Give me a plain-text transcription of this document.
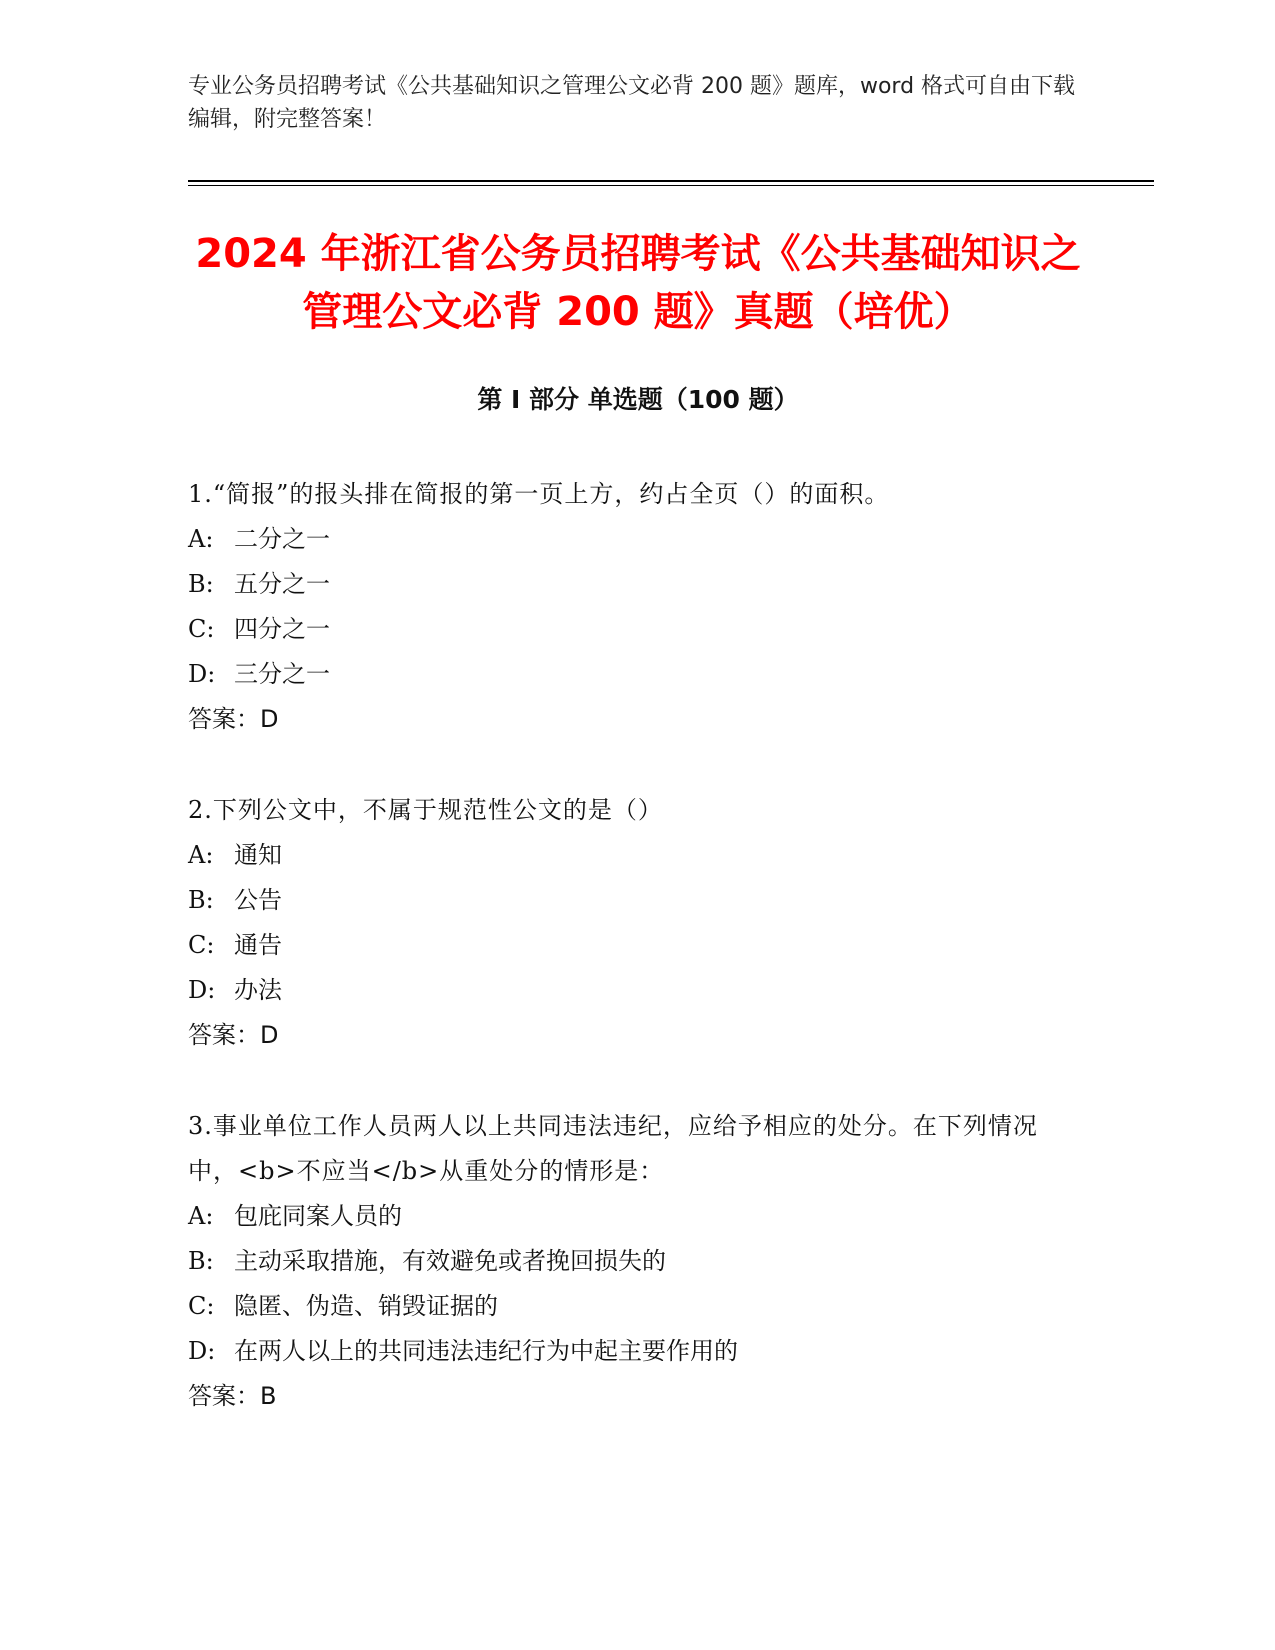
专业公务员招聘考试《公共基础知识之管理公文必背 200 题》题库，word 格式可自由下载编辑，附完整答案！
2024 年浙江省公务员招聘考试《公共基础知识之管理公文必背 200 题》真题（培优）
第 I 部分 单选题（100 题）

1.“简报”的报头排在简报的第一页上方，约占全页（）的面积。

A: 二分之一

B: 五分之一

C: 四分之一

D: 三分之一

答案：D

2.下列公文中，不属于规范性公文的是（）

A: 通知

B: 公告

C: 通告

D: 办法

答案：D

3.事业单位工作人员两人以上共同违法违纪，应给予相应的处分。在下列情况中，<b>不应当</b>从重处分的情形是：

A: 包庇同案人员的

B: 主动采取措施，有效避免或者挽回损失的

C: 隐匿、伪造、销毁证据的

D: 在两人以上的共同违法违纪行为中起主要作用的

答案：B
